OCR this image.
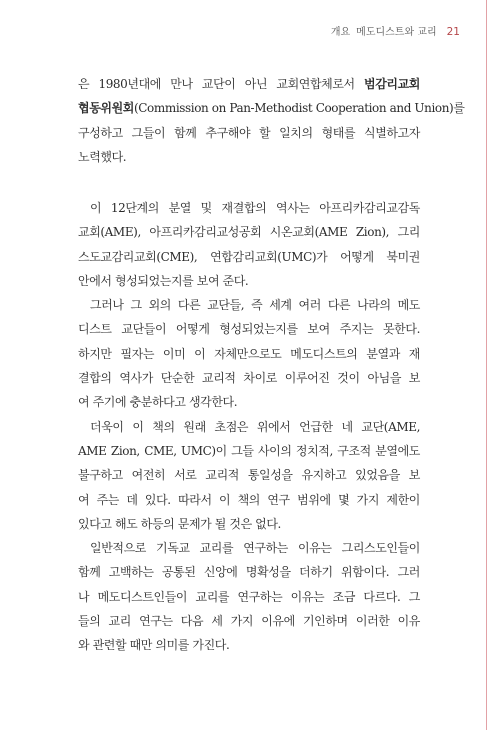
개요 메도디스트와 교리 21
은 1980년대에 만나 교단이 아닌 교회연합체로서 범감리교회
협동위원회(Commission on Pan-Methodist Cooperation and Union)를
구성하고 그들이 함께 추구해야 할 일치의 형태를 식별하고자
노력했다.
이 12단계의 분열 및 재결합의 역사는 아프리카감리교감독
교회(AME), 아프리카감리교성공회 시온교회(AME Zion), 그리
스도교감리교회(CME), 연합감리교회(UMC)가 어떻게 북미권
안에서 형성되었는지를 보여 준다.
그러나 그 외의 다른 교단들, 즉 세계 여러 다른 나라의 메도
디스트 교단들이 어떻게 형성되었는지를 보여 주지는 못한다.
하지만 필자는 이미 이 자체만으로도 메도디스트의 분열과 재
결합의 역사가 단순한 교리적 차이로 이루어진 것이 아님을 보
여 주기에 충분하다고 생각한다.
더욱이 이 책의 원래 초점은 위에서 언급한 네 교단(AME,
AME Zion, CME, UMC)이 그들 사이의 정치적, 구조적 분열에도
불구하고 여전히 서로 교리적 통일성을 유지하고 있었음을 보
여 주는 데 있다. 따라서 이 책의 연구 범위에 몇 가지 제한이
있다고 해도 하등의 문제가 될 것은 없다.
일반적으로 기독교 교리를 연구하는 이유는 그리스도인들이
함께 고백하는 공통된 신앙에 명확성을 더하기 위함이다. 그러
나 메도디스트인들이 교리를 연구하는 이유는 조금 다르다. 그
들의 교리 연구는 다음 세 가지 이유에 기인하며 이러한 이유
와 관련할 때만 의미를 가진다.
